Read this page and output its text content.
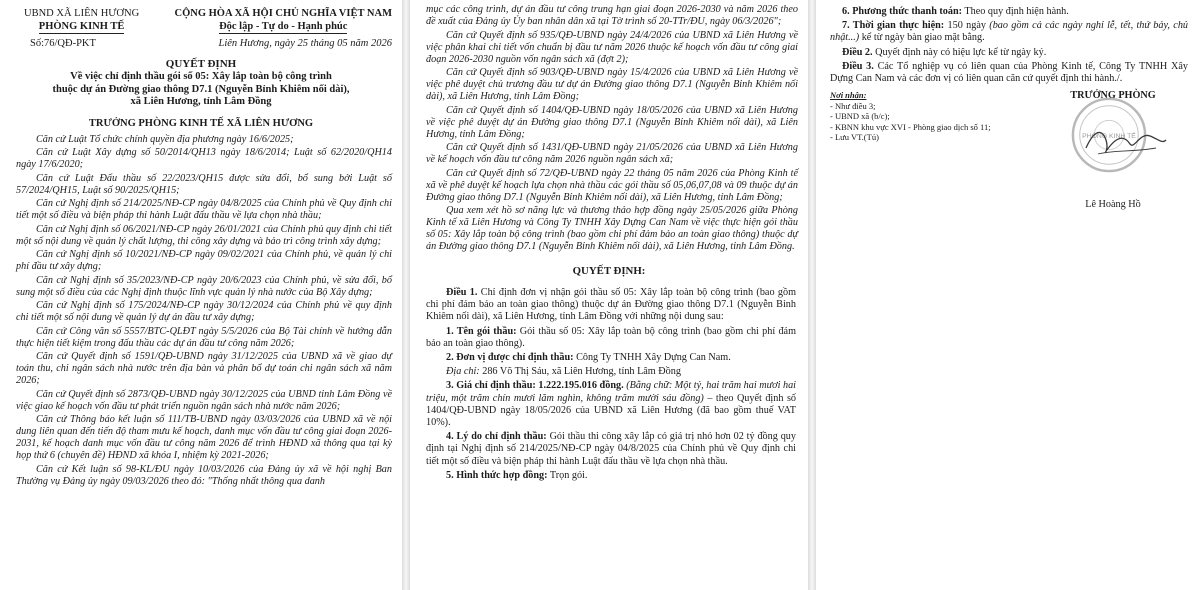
UBND XÃ LIÊN HƯƠNG
PHÒNG KINH TẾ
CỘNG HÒA XÃ HỘI CHỦ NGHĨA VIỆT NAM
Độc lập - Tự do - Hạnh phúc
Số:76/QĐ-PKT	Liên Hương, ngày 25 tháng 05 năm 2026
QUYẾT ĐỊNH
Về việc chỉ định thầu gói số 05: Xây lắp toàn bộ công trình
thuộc dự án Đường giao thông D7.1 (Nguyễn Bỉnh Khiêm nối dài),
xã Liên Hương, tỉnh Lâm Đồng
TRƯỞNG PHÒNG KINH TẾ XÃ LIÊN HƯƠNG

Căn cứ Luật Tổ chức chính quyền địa phương ngày 16/6/2025;

Căn cứ Luật Xây dựng số 50/2014/QH13 ngày 18/6/2014; Luật số 62/2020/QH14 ngày 17/6/2020;

Căn cứ Luật Đấu thầu số 22/2023/QH15 được sửa đổi, bổ sung bởi Luật số 57/2024/QH15, Luật số 90/2025/QH15;

Căn cứ Nghị định số 214/2025/NĐ-CP ngày 04/8/2025 của Chính phủ về Quy định chi tiết một số điều và biện pháp thi hành Luật đấu thầu về lựa chọn nhà thầu;

Căn cứ Nghị định số 06/2021/NĐ-CP ngày 26/01/2021 của Chính phủ quy định chi tiết một số nội dung về quản lý chất lượng, thi công xây dựng và bảo trì công trình xây dựng;

Căn cứ Nghị định số 10/2021/NĐ-CP ngày 09/02/2021 của Chính phủ, về quản lý chi phí đầu tư xây dựng;

Căn cứ Nghị định số 35/2023/NĐ-CP ngày 20/6/2023 của Chính phủ, về sửa đổi, bổ sung một số điều của các Nghị định thuộc lĩnh vực quản lý nhà nước của Bộ Xây dựng;

Căn cứ Nghị định số 175/2024/NĐ-CP ngày 30/12/2024 của Chính phủ về quy định chi tiết một số nội dung về quản lý dự án đầu tư xây dựng;

Căn cứ Công văn số 5557/BTC-QLĐT ngày 5/5/2026 của Bộ Tài chính về hướng dẫn thực hiện tiết kiệm trong đấu thầu các dự án đầu tư công năm 2026;

Căn cứ Quyết định số 1591/QĐ-UBND ngày 31/12/2025 của UBND xã về giao dự toán thu, chi ngân sách nhà nước trên địa bàn và phân bổ dự toán chi ngân sách xã năm 2026;

Căn cứ Quyết định số 2873/QĐ-UBND ngày 30/12/2025 của UBND tỉnh Lâm Đồng về việc giao kế hoạch vốn đầu tư phát triển nguồn ngân sách nhà nước năm 2026;

Căn cứ Thông báo kết luận số 111/TB-UBND ngày 03/03/2026 của UBND xã về nội dung liên quan đến tiến độ tham mưu kế hoạch, danh mục vốn đầu tư công giai đoạn 2026-2031, kế hoạch danh mục vốn đầu tư công năm 2026 để trình HĐND xã thông qua tại kỳ họp thứ 6 (chuyên đề) HĐND xã khóa I, nhiệm kỳ 2021-2026;

Căn cứ Kết luận số 98-KL/ĐU ngày 10/03/2026 của Đảng ủy xã về hội nghị Ban Thường vụ Đảng ủy ngày 09/03/2026 theo đó: "Thống nhất thông qua danh

mục các công trình, dự án đầu tư công trung hạn giai đoạn 2026-2030 và năm 2026 theo đề xuất của Đảng ủy Ủy ban nhân dân xã tại Tờ trình số 20-TTr/ĐU, ngày 06/3/2026";

Căn cứ Quyết định số 935/QĐ-UBND ngày 24/4/2026 của UBND xã Liên Hương về việc phân khai chi tiết vốn chuẩn bị đầu tư năm 2026 thuộc kế hoạch vốn đầu tư công giai đoạn 2026-2030 nguồn vốn ngân sách xã (đợt 2);

Căn cứ Quyết định số 903/QĐ-UBND ngày 15/4/2026 của UBND xã Liên Hương về việc phê duyệt chủ trương đầu tư dự án Đường giao thông D7.1 (Nguyễn Bỉnh Khiêm nối dài), xã Liên Hương, tỉnh Lâm Đồng;

Căn cứ Quyết định số 1404/QĐ-UBND ngày 18/05/2026 của UBND xã Liên Hương về việc phê duyệt dự án Đường giao thông D7.1 (Nguyễn Bỉnh Khiêm nối dài), xã Liên Hương, tỉnh Lâm Đồng;

Căn cứ Quyết định số 1431/QĐ-UBND ngày 21/05/2026 của UBND xã Liên Hương về kế hoạch vốn đầu tư công năm 2026 nguồn ngân sách xã;

Căn cứ Quyết định số 72/QĐ-UBND ngày 22 tháng 05 năm 2026 của Phòng Kinh tế xã về phê duyệt kế hoạch lựa chọn nhà thầu các gói thầu số 05,06,07,08 và 09 thuộc dự án Đường giao thông D7.1 (Nguyễn Bỉnh Khiêm nối dài), xã Liên Hương, tỉnh Lâm Đồng;

Qua xem xét hồ sơ năng lực và thương thảo hợp đồng ngày 25/05/2026 giữa Phòng Kinh tế xã Liên Hương và Công Ty TNHH Xây Dựng Can Nam về việc thực hiện gói thầu số 05: Xây lắp toàn bộ công trình (bao gồm chi phí đảm bảo an toàn giao thông) thuộc dự án Đường giao thông D7.1 (Nguyễn Bỉnh Khiêm nối dài), xã Liên Hương, tỉnh Lâm Đồng.

QUYẾT ĐỊNH:

Điều 1. Chỉ định đơn vị nhận gói thầu số 05: Xây lắp toàn bộ công trình (bao gồm chi phí đảm bảo an toàn giao thông) thuộc dự án Đường giao thông D7.1 (Nguyễn Bỉnh Khiêm nối dài), xã Liên Hương, tỉnh Lâm Đồng với những nội dung sau:

1. Tên gói thầu: Gói thầu số 05: Xây lắp toàn bộ công trình (bao gồm chi phí đảm bảo an toàn giao thông).

2. Đơn vị được chỉ định thầu: Công Ty TNHH Xây Dựng Can Nam.

Địa chỉ: 286 Võ Thị Sáu, xã Liên Hương, tỉnh Lâm Đồng

3. Giá chỉ định thầu: 1.222.195.016 đồng. (Bằng chữ: Một tỷ, hai trăm hai mươi hai triệu, một trăm chín mươi lăm nghìn, không trăm mười sáu đồng) – theo Quyết định số 1404/QĐ-UBND ngày 18/05/2026 của UBND xã Liên Hương (đã bao gồm thuế VAT 10%).

4. Lý do chỉ định thầu: Gói thầu thi công xây lắp có giá trị nhỏ hơn 02 tỷ đồng quy định tại Nghị định số 214/2025/NĐ-CP ngày 04/8/2025 của Chính phủ về Quy định chi tiết một số điều và biện pháp thi hành Luật đấu thầu về lựa chọn nhà thầu.

5. Hình thức hợp đồng: Trọn gói.

6. Phương thức thanh toán: Theo quy định hiện hành.

7. Thời gian thực hiện: 150 ngày (bao gồm cả các ngày nghỉ lễ, tết, thứ bảy, chủ nhật...) kể từ ngày bàn giao mặt bằng.

Điều 2. Quyết định này có hiệu lực kể từ ngày ký.

Điều 3. Các Tổ nghiệp vụ có liên quan của Phòng Kinh tế, Công Ty TNHH Xây Dựng Can Nam và các đơn vị có liên quan căn cứ quyết định thi hành./.

Nơi nhận:
- Như điều 3;
- UBND xã (b/c);
- KBNN khu vực XVI - Phòng giao dịch số 11;
- Lưu VT.(Tủ)
TRƯỞNG PHÒNG
PHÒNG KINH TẾ
Lê Hoàng Hồ
